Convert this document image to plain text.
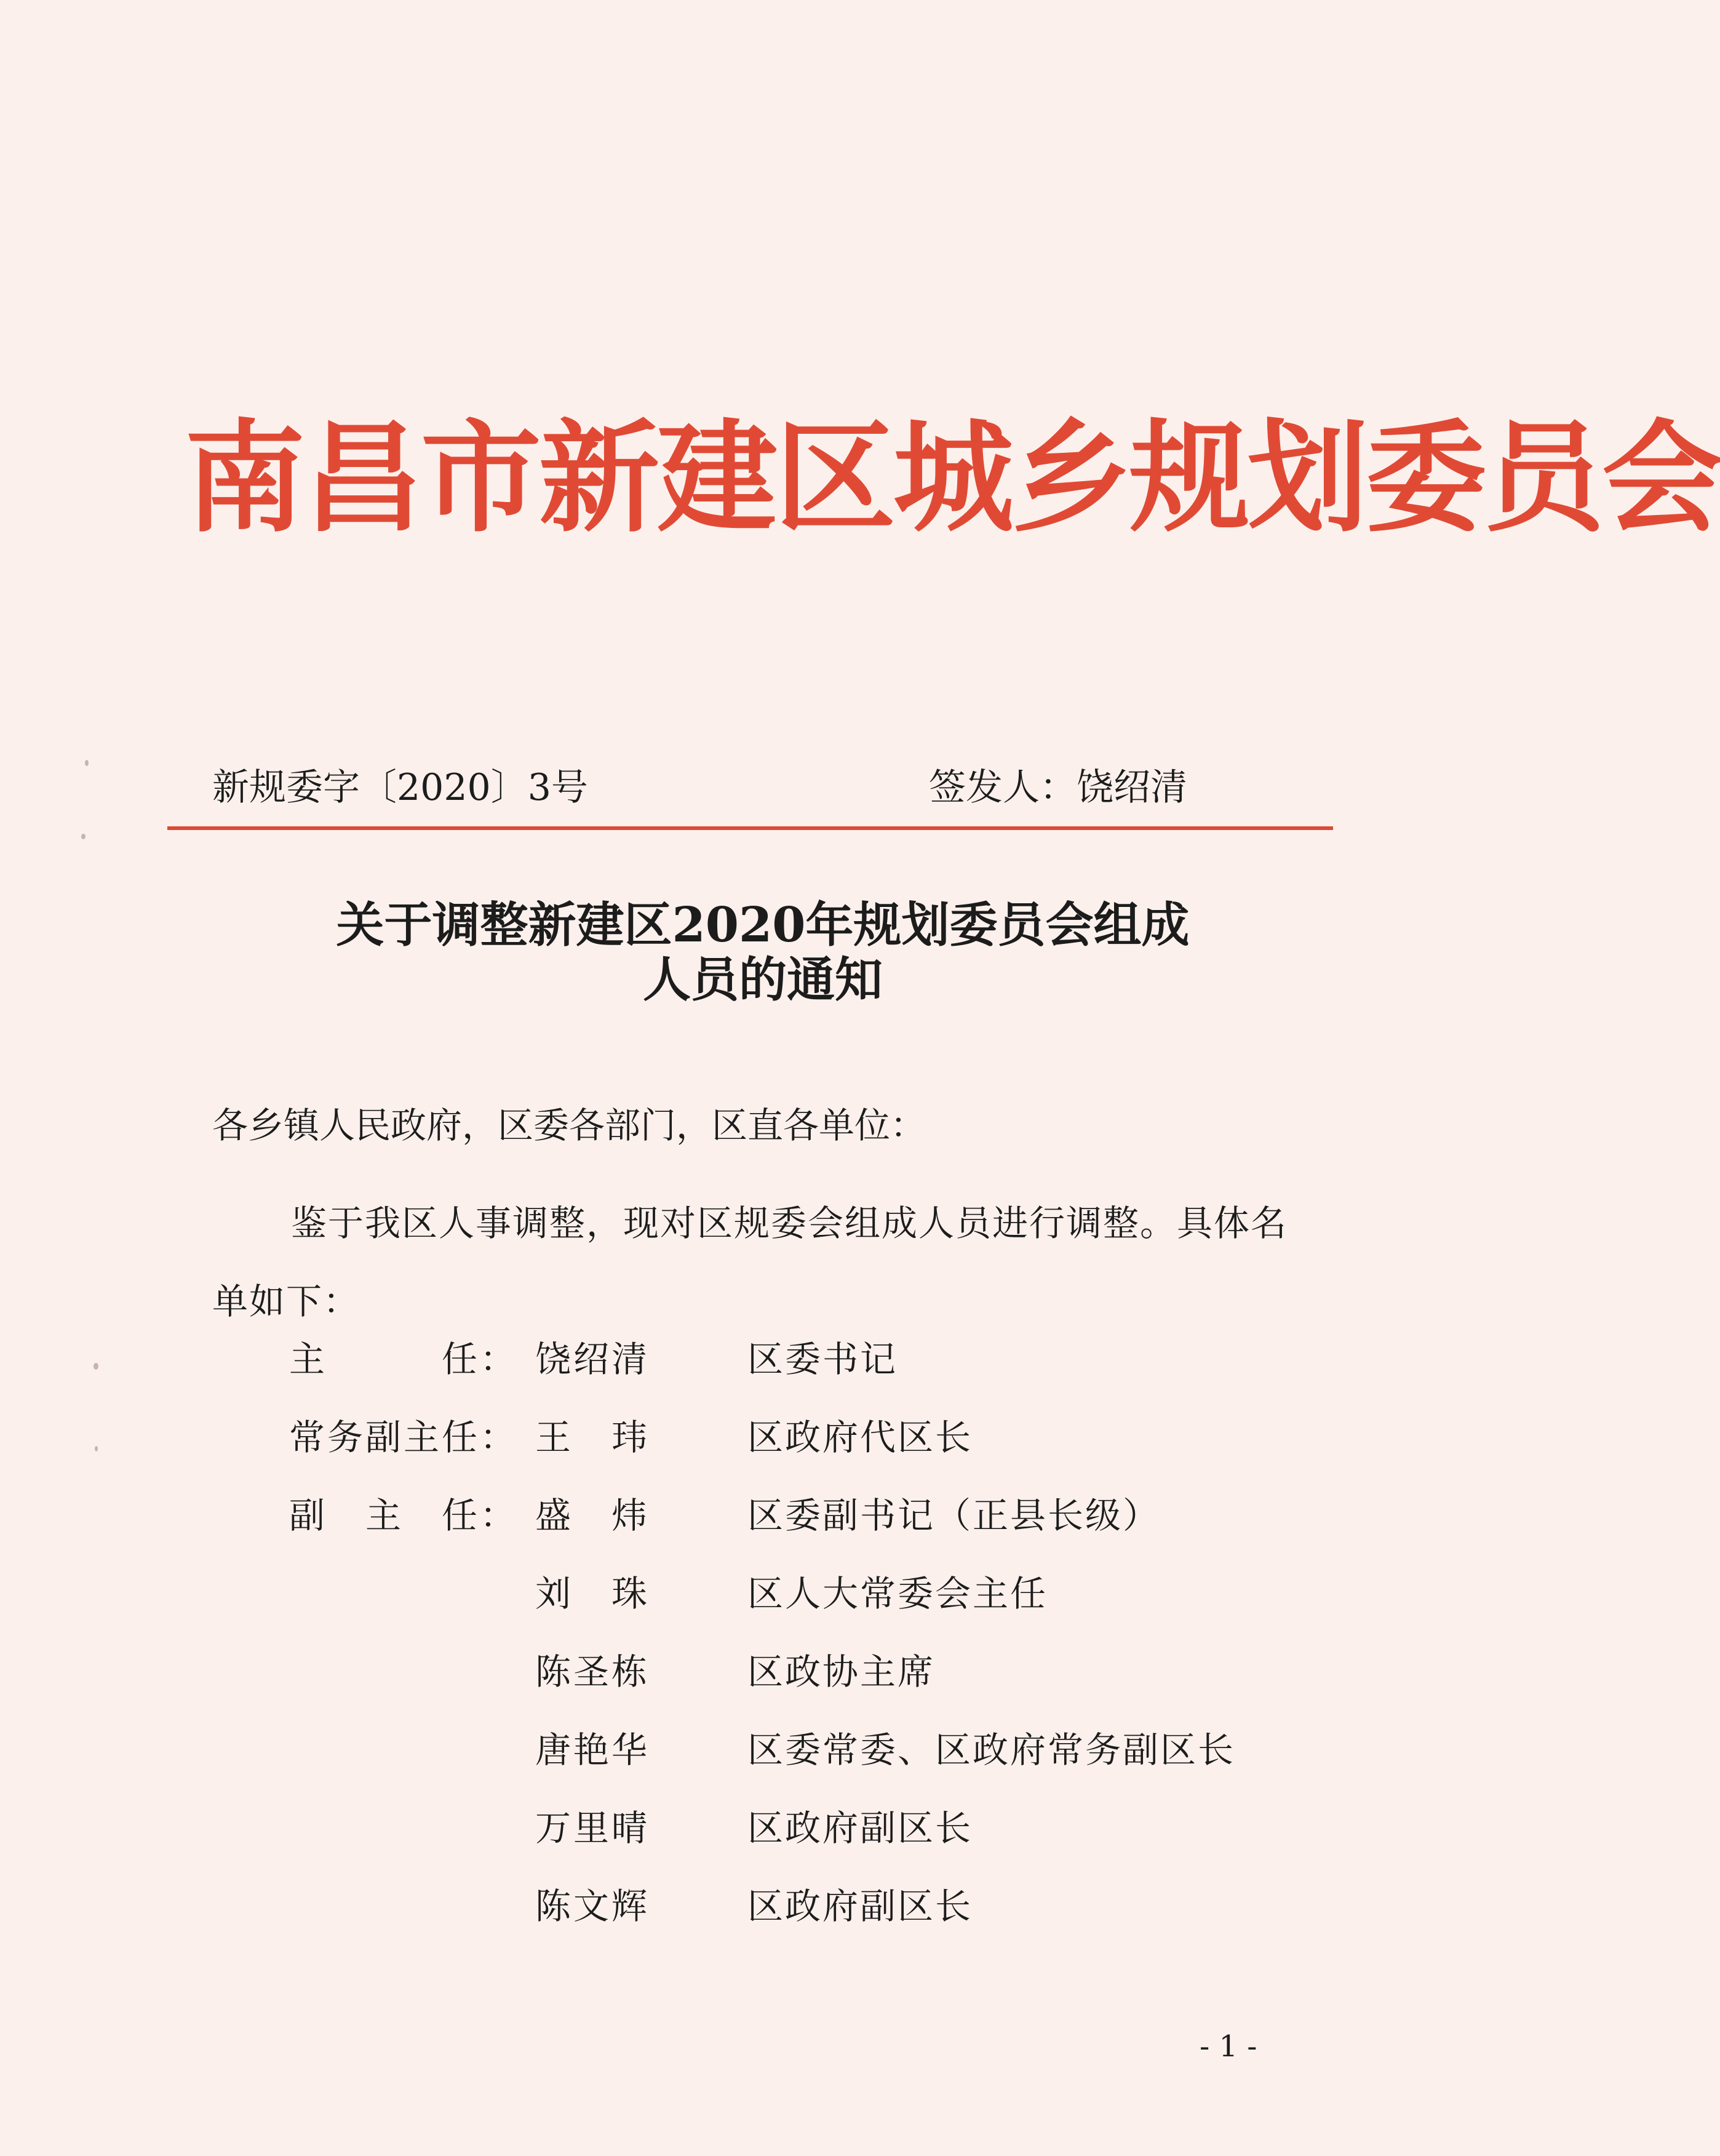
南昌市新建区城乡规划委员会
新规委字〔2020〕3号	签发人：饶绍清
关于调整新建区2020年规划委员会组成
人员的通知
各乡镇人民政府，区委各部门，区直各单位：
鉴于我区人事调整，现对区规委会组成人员进行调整。具体名单如下：
主　　　任： 饶绍清	区委书记
常务副主任： 王　玮	区政府代区长
副　主　任： 盛　炜	区委副书记（正县长级）
刘　珠	区人大常委会主任
陈圣栋	区政协主席
唐艳华	区委常委、区政府常务副区长
万里晴	区政府副区长
陈文辉	区政府副区长
- 1 -
